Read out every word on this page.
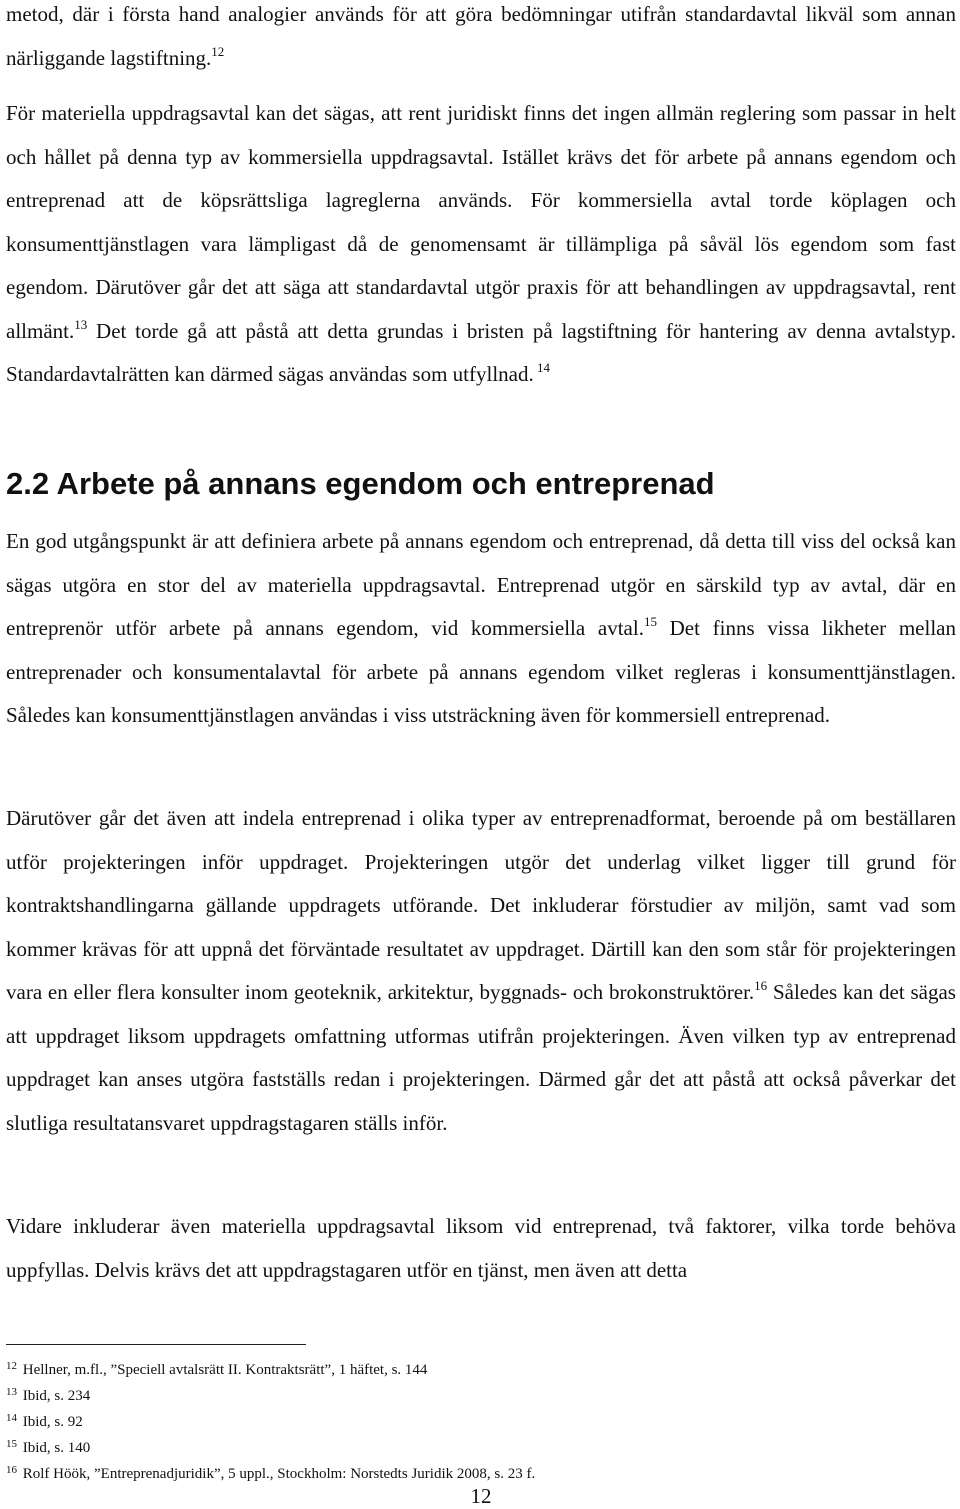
metod, där i första hand analogier används för att göra bedömningar utifrån standardavtal likväl som annan närliggande lagstiftning.$^{12}$

För materiella uppdragsavtal kan det sägas, att rent juridiskt finns det ingen allmän reglering som passar in helt och hållet på denna typ av kommersiella uppdragsavtal. Istället krävs det för arbete på annans egendom och entreprenad att de köpsrättsliga lagreglerna används. För kommersiella avtal torde köplagen och konsumenttjänstlagen vara lämpligast då de genomensamt är tillämpliga på såväl lös egendom som fast egendom. Därutöver går det att säga att standardavtal utgör praxis för att behandlingen av uppdragsavtal, rent allmänt.$^{13}$ Det torde gå att påstå att detta grundas i bristen på lagstiftning för hantering av denna avtalstyp. Standardavtalrätten kan därmed sägas användas som utfyllnad. $^{14}$

2.2 Arbete på annans egendom och entreprenad

En god utgångspunkt är att definiera arbete på annans egendom och entreprenad, då detta till viss del också kan sägas utgöra en stor del av materiella uppdragsavtal. Entreprenad utgör en särskild typ av avtal, där en entreprenör utför arbete på annans egendom, vid kommersiella avtal.$^{15}$ Det finns vissa likheter mellan entreprenader och konsumentalavtal för arbete på annans egendom vilket regleras i konsumenttjänstlagen. Således kan konsumenttjänstlagen användas i viss utsträckning även för kommersiell entreprenad.

Därutöver går det även att indela entreprenad i olika typer av entreprenadformat, beroende på om beställaren utför projekteringen inför uppdraget. Projekteringen utgör det underlag vilket ligger till grund för kontraktshandlingarna gällande uppdragets utförande. Det inkluderar förstudier av miljön, samt vad som kommer krävas för att uppnå det förväntade resultatet av uppdraget. Därtill kan den som står för projekteringen vara en eller flera konsulter inom geoteknik, arkitektur, byggnads- och brokonstruktörer.$^{16}$ Således kan det sägas att uppdraget liksom uppdragets omfattning utformas utifrån projekteringen. Även vilken typ av entreprenad uppdraget kan anses utgöra fastställs redan i projekteringen. Därmed går det att påstå att också påverkar det slutliga resultatansvaret uppdragstagaren ställs inför.

Vidare inkluderar även materiella uppdragsavtal liksom vid entreprenad, två faktorer, vilka torde behöva uppfyllas. Delvis krävs det att uppdragstagaren utför en tjänst, men även att detta

$^{12}$ Hellner, m.fl., ”Speciell avtalsrätt II. Kontraktsrätt”, 1 häftet, s. 144
$^{13}$ Ibid, s. 234
$^{14}$ Ibid, s. 92
$^{15}$ Ibid, s. 140
$^{16}$ Rolf Höök, ”Entreprenadjuridik”, 5 uppl., Stockholm: Norstedts Juridik 2008, s. 23 f.
12
